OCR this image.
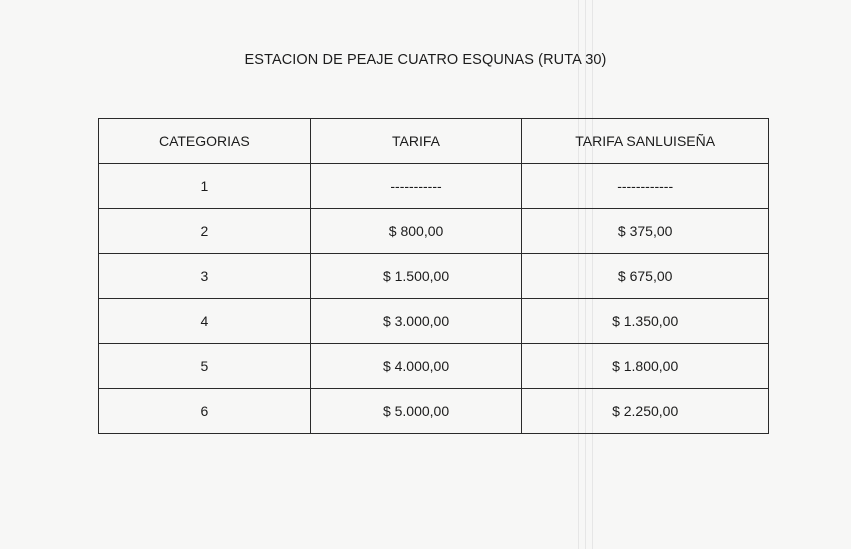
ESTACION DE PEAJE CUATRO ESQUNAS (RUTA 30)
CATEGORIAS	TARIFA	TARIFA SANLUISEÑA
1	-----------	------------
2	$ 800,00	$ 375,00
3	$ 1.500,00	$ 675,00
4	$ 3.000,00	$ 1.350,00
5	$ 4.000,00	$ 1.800,00
6	$ 5.000,00	$ 2.250,00
